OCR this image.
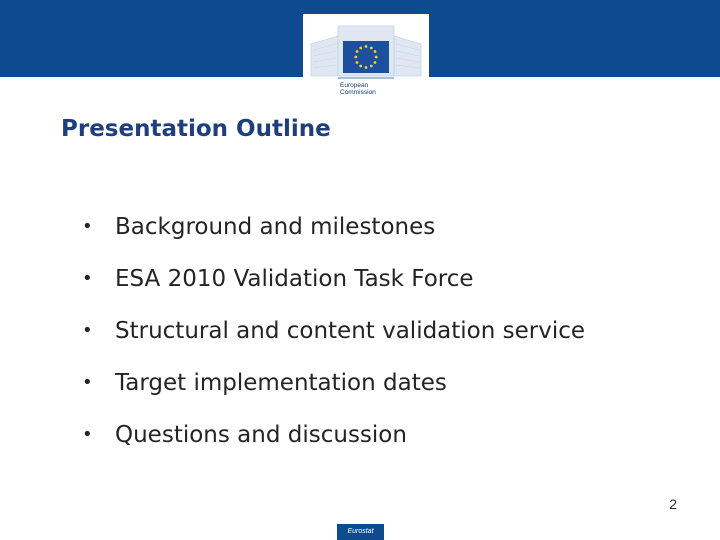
European Commission
Presentation Outline
• Background and milestones
• ESA 2010 Validation Task Force
• Structural and content validation service
• Target implementation dates
• Questions and discussion
2
Eurostat
